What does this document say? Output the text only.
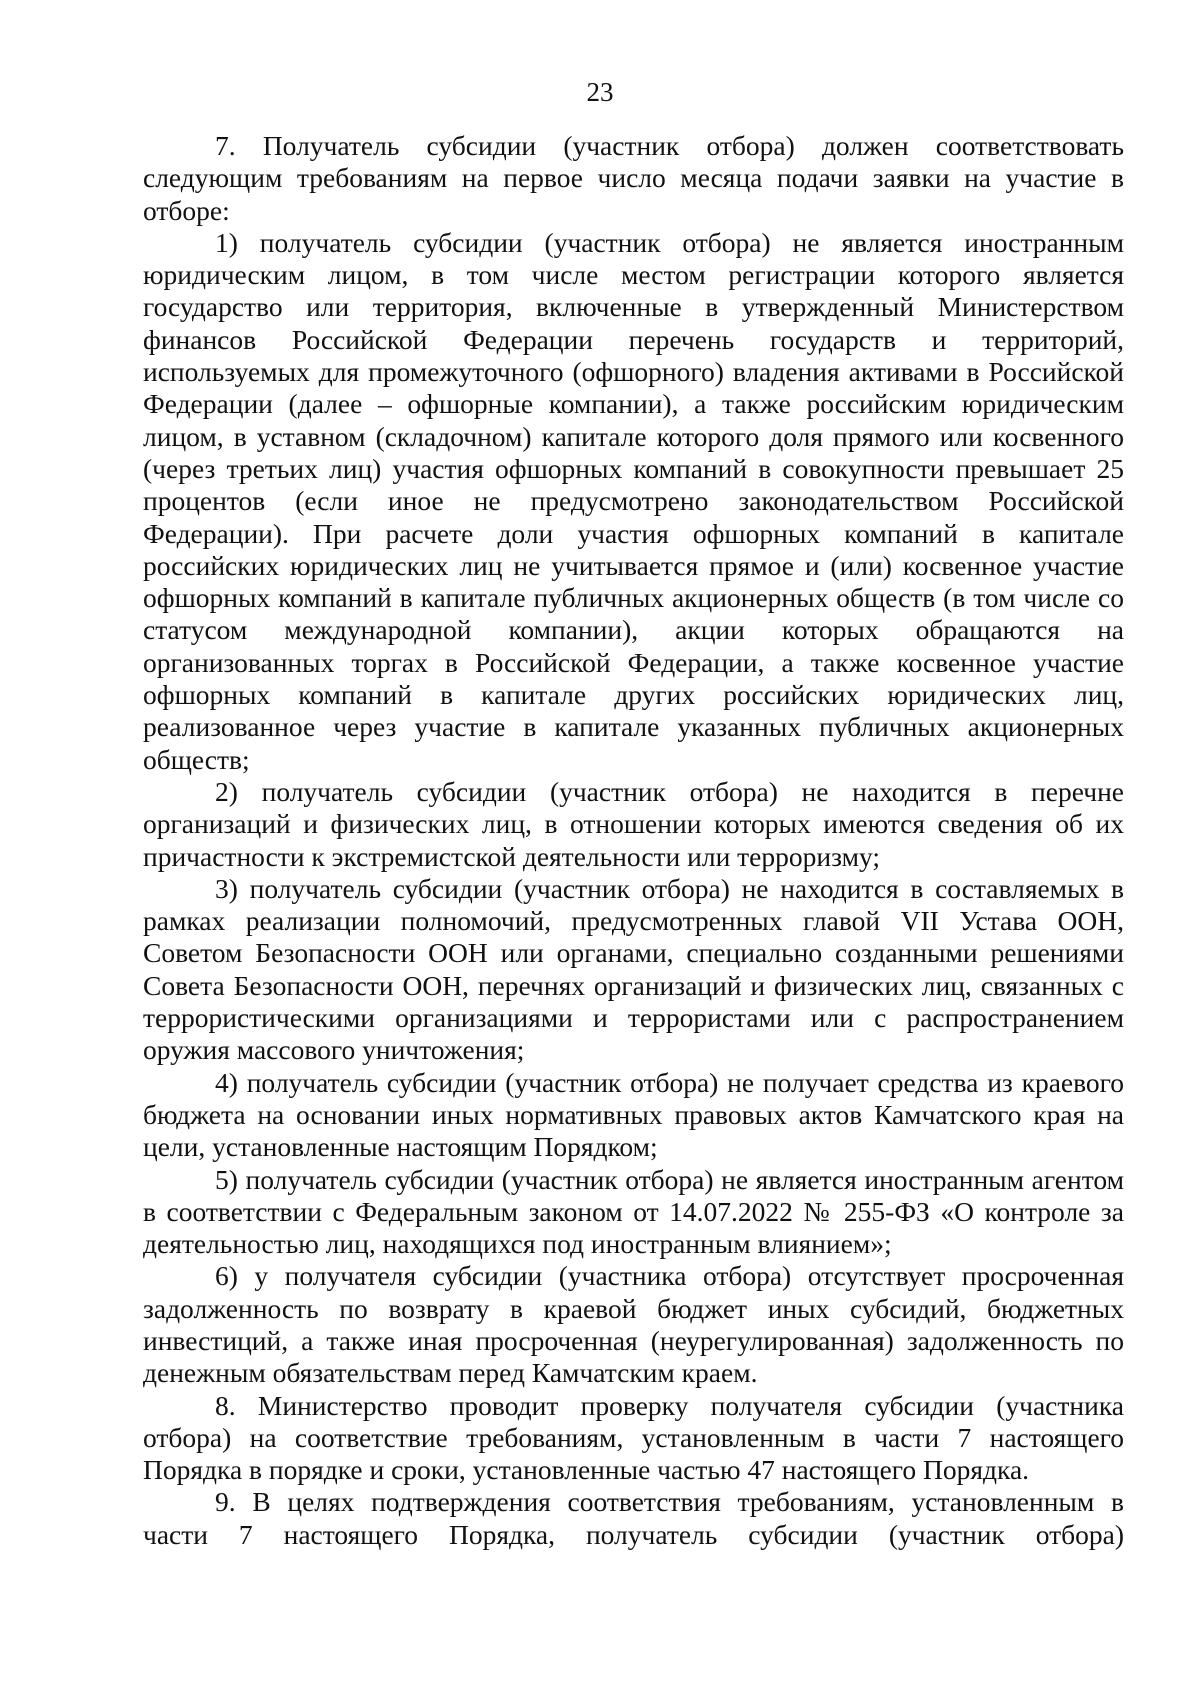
23

7. Получатель субсидии (участник отбора) должен соответствовать следующим требованиям на первое число месяца подачи заявки на участие в отборе:

1) получатель субсидии (участник отбора) не является иностранным юридическим лицом, в том числе местом регистрации которого является государство или территория, включенные в утвержденный Министерством финансов Российской Федерации перечень государств и территорий, используемых для промежуточного (офшорного) владения активами в Российской Федерации (далее – офшорные компании), а также российским юридическим лицом, в уставном (складочном) капитале которого доля прямого или косвенного (через третьих лиц) участия офшорных компаний в совокупности превышает 25 процентов (если иное не предусмотрено законодательством Российской Федерации). При расчете доли участия офшорных компаний в капитале российских юридических лиц не учитывается прямое и (или) косвенное участие офшорных компаний в капитале публичных акционерных обществ (в том числе со статусом международной компании), акции которых обращаются на организованных торгах в Российской Федерации, а также косвенное участие офшорных компаний в капитале других российских юридических лиц, реализованное через участие в капитале указанных публичных акционерных обществ;

2) получатель субсидии (участник отбора) не находится в перечне организаций и физических лиц, в отношении которых имеются сведения об их причастности к экстремистской деятельности или терроризму;

3) получатель субсидии (участник отбора) не находится в составляемых в рамках реализации полномочий, предусмотренных главой VII Устава ООН, Советом Безопасности ООН или органами, специально созданными решениями Совета Безопасности ООН, перечнях организаций и физических лиц, связанных с террористическими организациями и террористами или с распространением оружия массового уничтожения;

4) получатель субсидии (участник отбора) не получает средства из краевого бюджета на основании иных нормативных правовых актов Камчатского края на цели, установленные настоящим Порядком;

5) получатель субсидии (участник отбора) не является иностранным агентом в соответствии с Федеральным законом от 14.07.2022 № 255-ФЗ «О контроле за деятельностью лиц, находящихся под иностранным влиянием»;

6) у получателя субсидии (участника отбора) отсутствует просроченная задолженность по возврату в краевой бюджет иных субсидий, бюджетных инвестиций, а также иная просроченная (неурегулированная) задолженность по денежным обязательствам перед Камчатским краем.

8. Министерство проводит проверку получателя субсидии (участника отбора) на соответствие требованиям, установленным в части 7 настоящего Порядка в порядке и сроки, установленные частью 47 настоящего Порядка.

9. В целях подтверждения соответствия требованиям, установленным в части 7 настоящего Порядка, получатель субсидии (участник отбора)
